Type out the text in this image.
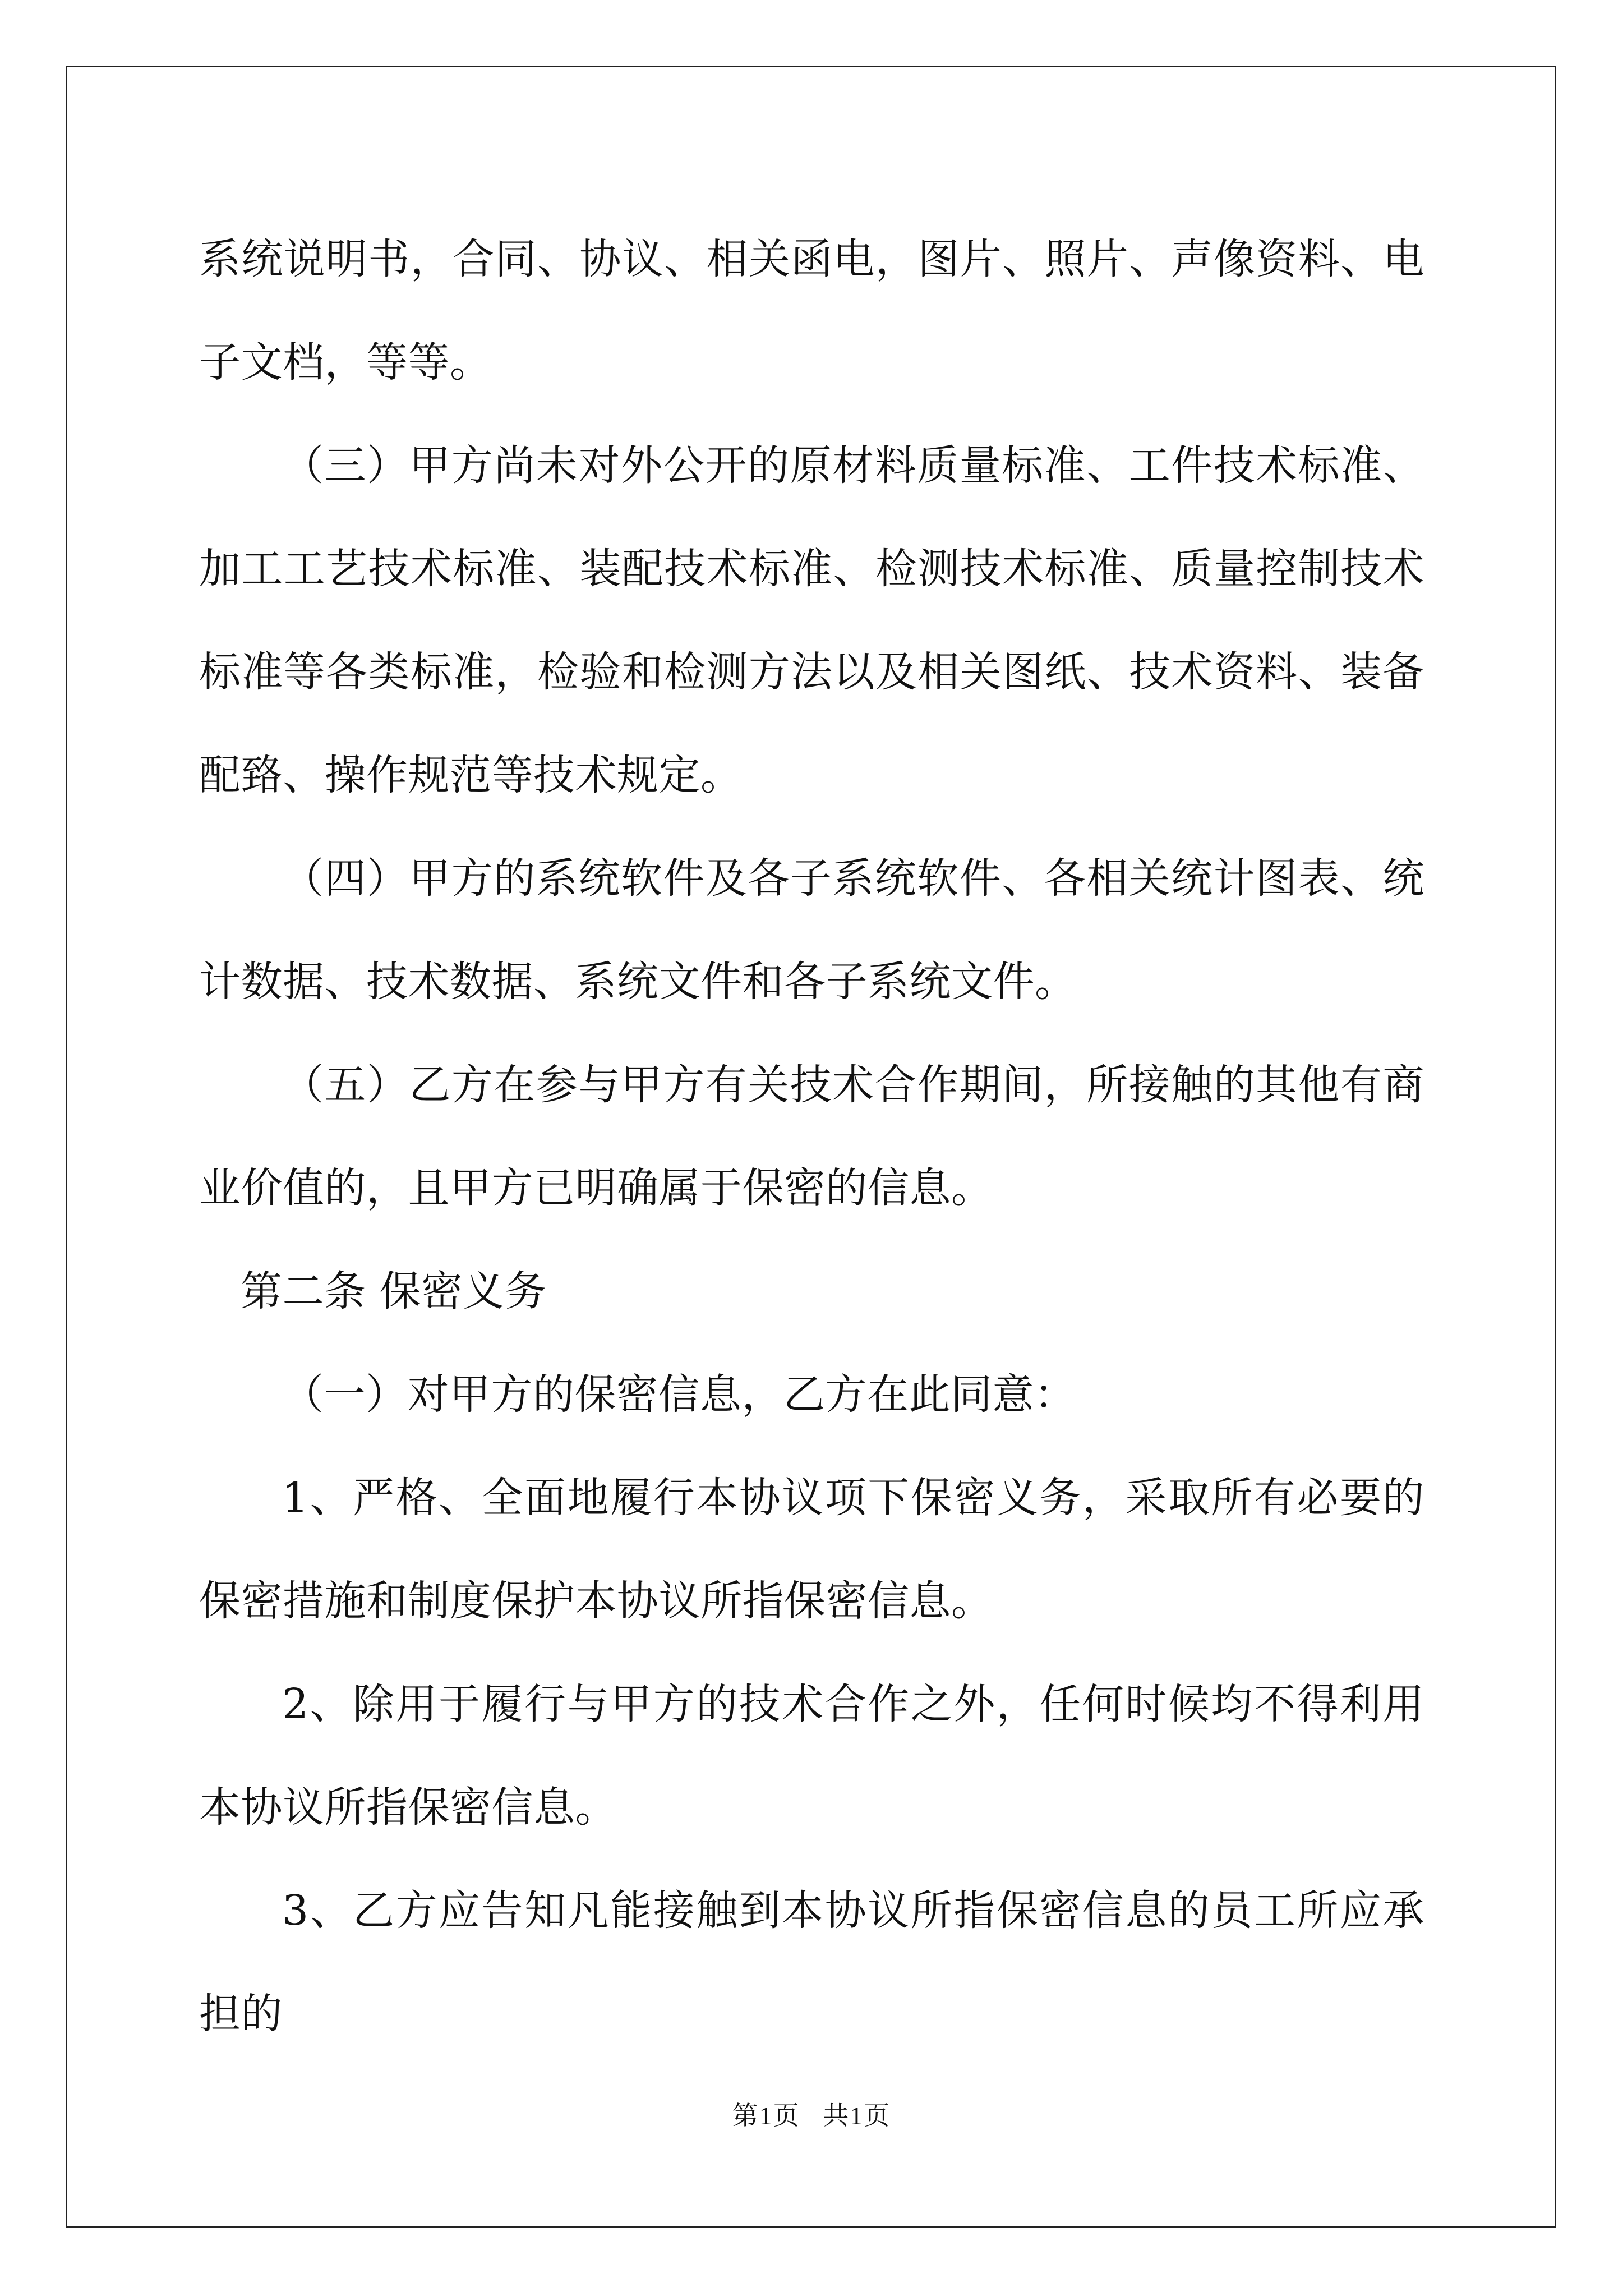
系统说明书，合同、协议、相关函电，图片、照片、声像资料、电子文档，等等。

（三）甲方尚未对外公开的原材料质量标准、工件技术标准、加工工艺技术标准、装配技术标准、检测技术标准、质量控制技术标准等各类标准，检验和检测方法以及相关图纸、技术资料、装备配臵、操作规范等技术规定。

（四）甲方的系统软件及各子系统软件、各相关统计图表、统计数据、技术数据、系统文件和各子系统文件。

（五）乙方在参与甲方有关技术合作期间，所接触的其他有商业价值的，且甲方已明确属于保密的信息。

第二条 保密义务

（一）对甲方的保密信息，乙方在此同意：

1、严格、全面地履行本协议项下保密义务，采取所有必要的保密措施和制度保护本协议所指保密信息。

2、除用于履行与甲方的技术合作之外，任何时候均不得利用本协议所指保密信息。

3、乙方应告知凡能接触到本协议所指保密信息的员工所应承担的

第1页 共1页
